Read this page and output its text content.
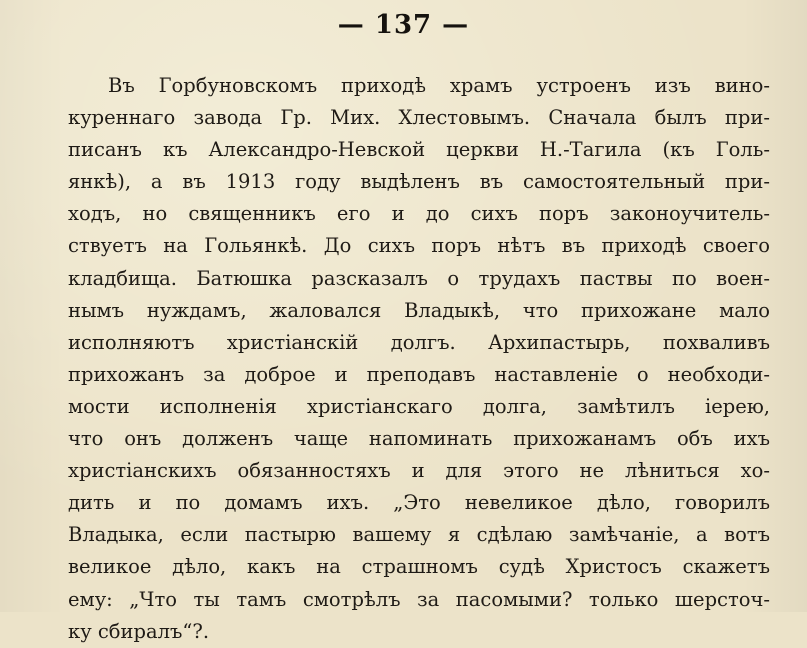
— 137 —
Въ Горбуновскомъ приходѣ храмъ устроенъ изъ вино-
куреннаго завода Гр. Мих. Хлестовымъ. Сначала былъ при-
писанъ къ Александро-Невской церкви Н.-Тагила (къ Голь-
янкѣ), а въ 1913 году выдѣленъ въ самостоятельный при-
ходъ, но священникъ его и до сихъ поръ законоучитель-
ствуетъ на Гольянкѣ. До сихъ поръ нѣтъ въ приходѣ своего
кладбища. Батюшка разсказалъ о трудахъ паствы по воен-
нымъ нуждамъ, жаловался Владыкѣ, что прихожане мало
исполняютъ христіанскій долгъ. Архипастырь, похваливъ
прихожанъ за доброе и преподавъ наставленіе о необходи-
мости исполненія христіанскаго долга, замѣтилъ іерею,
что онъ долженъ чаще напоминать прихожанамъ объ ихъ
христіанскихъ обязанностяхъ и для этого не лѣниться хо-
дить и по домамъ ихъ. „Это невеликое дѣло, говорилъ
Владыка, если пастырю вашему я сдѣлаю замѣчаніе, а вотъ
великое дѣло, какъ на страшномъ судѣ Христосъ скажетъ
ему: „Что ты тамъ смотрѣлъ за пасомыми? только шерсточ-
ку сбиралъ“?.
